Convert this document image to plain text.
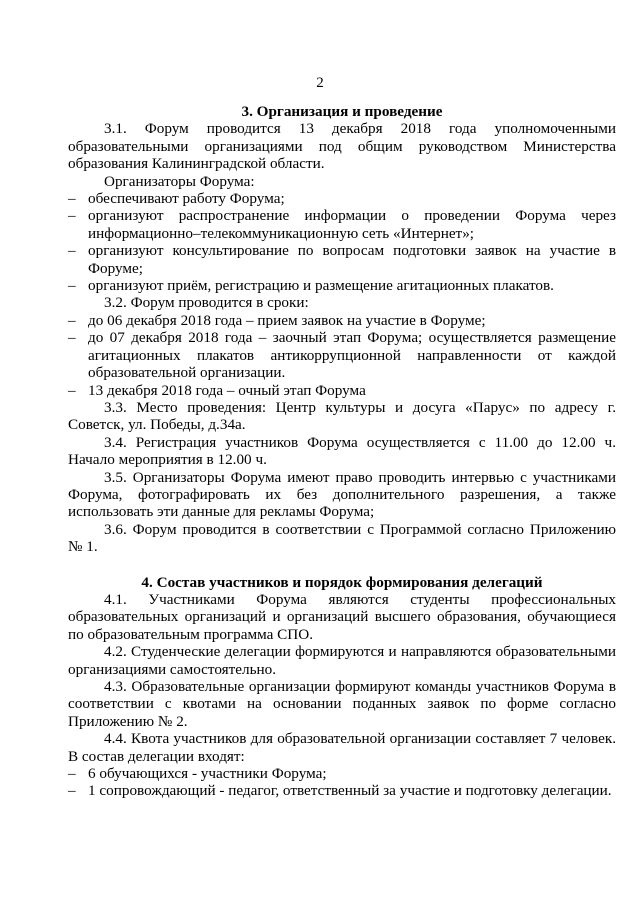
2
3. Организация и проведение
3.1. Форум проводится 13 декабря 2018 года уполномоченными образовательными организациями под общим руководством Министерства образования Калининградской области.
Организаторы Форума:
– обеспечивают работу Форума;
– организуют распространение информации о проведении Форума через информационно–телекоммуникационную сеть «Интернет»;
– организуют консультирование по вопросам подготовки заявок на участие в Форуме;
– организуют приём, регистрацию и размещение агитационных плакатов.
3.2. Форум проводится в сроки:
– до 06 декабря 2018 года – прием заявок на участие в Форуме;
– до 07 декабря 2018 года – заочный этап Форума; осуществляется размещение агитационных плакатов антикоррупционной направленности от каждой образовательной организации.
– 13 декабря 2018 года – очный этап Форума
3.3. Место проведения: Центр культуры и досуга «Парус» по адресу г. Советск, ул. Победы, д.34а.
3.4. Регистрация участников Форума осуществляется с 11.00 до 12.00 ч. Начало мероприятия в 12.00 ч.
3.5. Организаторы Форума имеют право проводить интервью с участниками Форума, фотографировать их без дополнительного разрешения, а также использовать эти данные для рекламы Форума;
3.6. Форум проводится в соответствии с Программой согласно Приложению № 1.
4. Состав участников и порядок формирования делегаций
4.1. Участниками Форума являются студенты профессиональных образовательных организаций и организаций высшего образования, обучающиеся по образовательным программа СПО.
4.2. Студенческие делегации формируются и направляются образовательными организациями самостоятельно.
4.3. Образовательные организации формируют команды участников Форума в соответствии с квотами на основании поданных заявок по форме согласно Приложению № 2.
4.4. Квота участников для образовательной организации составляет 7 человек. В состав делегации входят:
– 6 обучающихся - участники Форума;
– 1 сопровождающий - педагог, ответственный за участие и подготовку делегации.
